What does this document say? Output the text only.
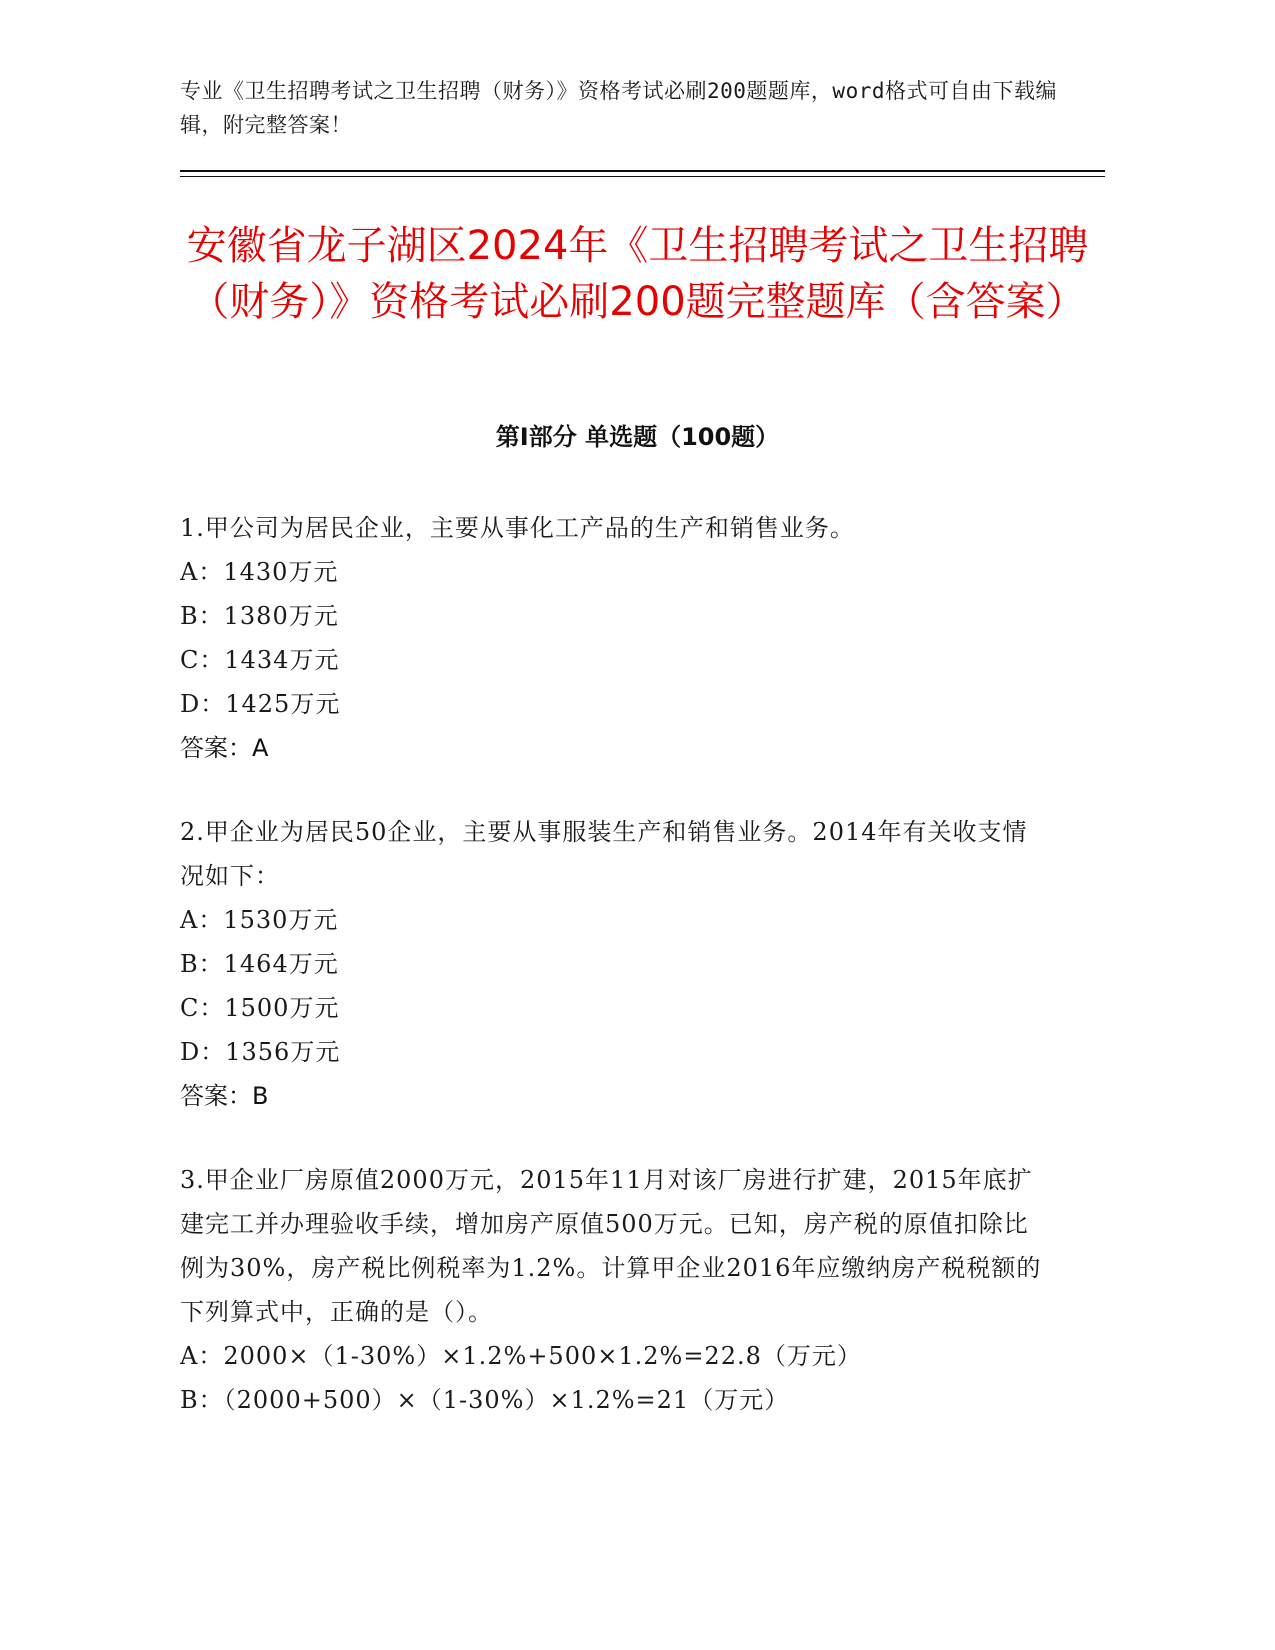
专业《卫生招聘考试之卫生招聘（财务）》资格考试必刷200题题库，word格式可自由下载编辑，附完整答案！
安徽省龙子湖区2024年《卫生招聘考试之卫生招聘（财务）》资格考试必刷200题完整题库（含答案）
第I部分 单选题（100题）
1.甲公司为居民企业，主要从事化工产品的生产和销售业务。
A：1430万元
B：1380万元
C：1434万元
D：1425万元
答案：A
2.甲企业为居民50企业，主要从事服装生产和销售业务。2014年有关收支情况如下：
A：1530万元
B：1464万元
C：1500万元
D：1356万元
答案：B
3.甲企业厂房原值2000万元，2015年11月对该厂房进行扩建，2015年底扩建完工并办理验收手续，增加房产原值500万元。已知，房产税的原值扣除比例为30%，房产税比例税率为1.2%。计算甲企业2016年应缴纳房产税税额的下列算式中，正确的是（）。
A：2000×（1-30%）×1.2%+500×1.2%=22.8（万元）
B：（2000+500）×（1-30%）×1.2%=21（万元）
